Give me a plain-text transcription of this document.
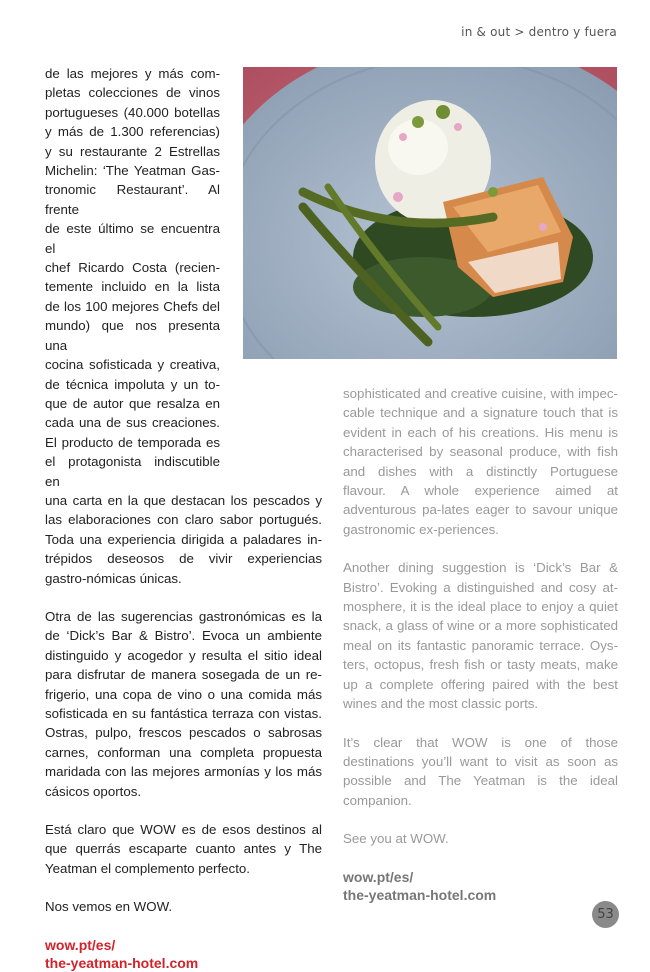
in & out > dentro y fuera
de las mejores y más com-
pletas colecciones de vinos
portugueses (40.000 botellas
y más de 1.300 referencias)
y su restaurante 2 Estrellas
Michelin: ‘The Yeatman Gas-
tronomic Restaurant’. Al frente
de este último se encuentra el
chef Ricardo Costa (recien-
temente incluido en la lista
de los 100 mejores Chefs del
mundo) que nos presenta una
cocina sofisticada y creativa,
de técnica impoluta y un to-
que de autor que resalza en
cada una de sus creaciones.
El producto de temporada es
el protagonista indiscutible en

una carta en la que destacan los pescados y las elaboraciones con claro sabor portugués. Toda una experiencia dirigida a paladares in-trépidos deseosos de vivir experiencias gastro-nómicas únicas.

Otra de las sugerencias gastronómicas es la de ‘Dick’s Bar & Bistro’. Evoca un ambiente distinguido y acogedor y resulta el sitio ideal para disfrutar de manera sosegada de un re-frigerio, una copa de vino o una comida más sofisticada en su fantástica terraza con vistas. Ostras, pulpo, frescos pescados o sabrosas carnes, conforman una completa propuesta maridada con las mejores armonías y los más cásicos oportos.

Está claro que WOW es de esos destinos al que querrás escaparte cuanto antes y The Yeatman el complemento perfecto.

Nos vemos en WOW.

wow.pt/es/
the-yeatman-hotel.com

sophisticated and creative cuisine, with impec-cable technique and a signature touch that is evident in each of his creations. His menu is characterised by seasonal produce, with fish and dishes with a distinctly Portuguese flavour. A whole experience aimed at adventurous pa-lates eager to savour unique gastronomic ex-periences.

Another dining suggestion is ‘Dick’s Bar & Bistro’. Evoking a distinguished and cosy at-mosphere, it is the ideal place to enjoy a quiet snack, a glass of wine or a more sophisticated meal on its fantastic panoramic terrace. Oys-ters, octopus, fresh fish or tasty meats, make up a complete offering paired with the best wines and the most classic ports.

It’s clear that WOW is one of those destinations you’ll want to visit as soon as possible and The Yeatman is the ideal companion.

See you at WOW.

wow.pt/es/
the-yeatman-hotel.com
53
